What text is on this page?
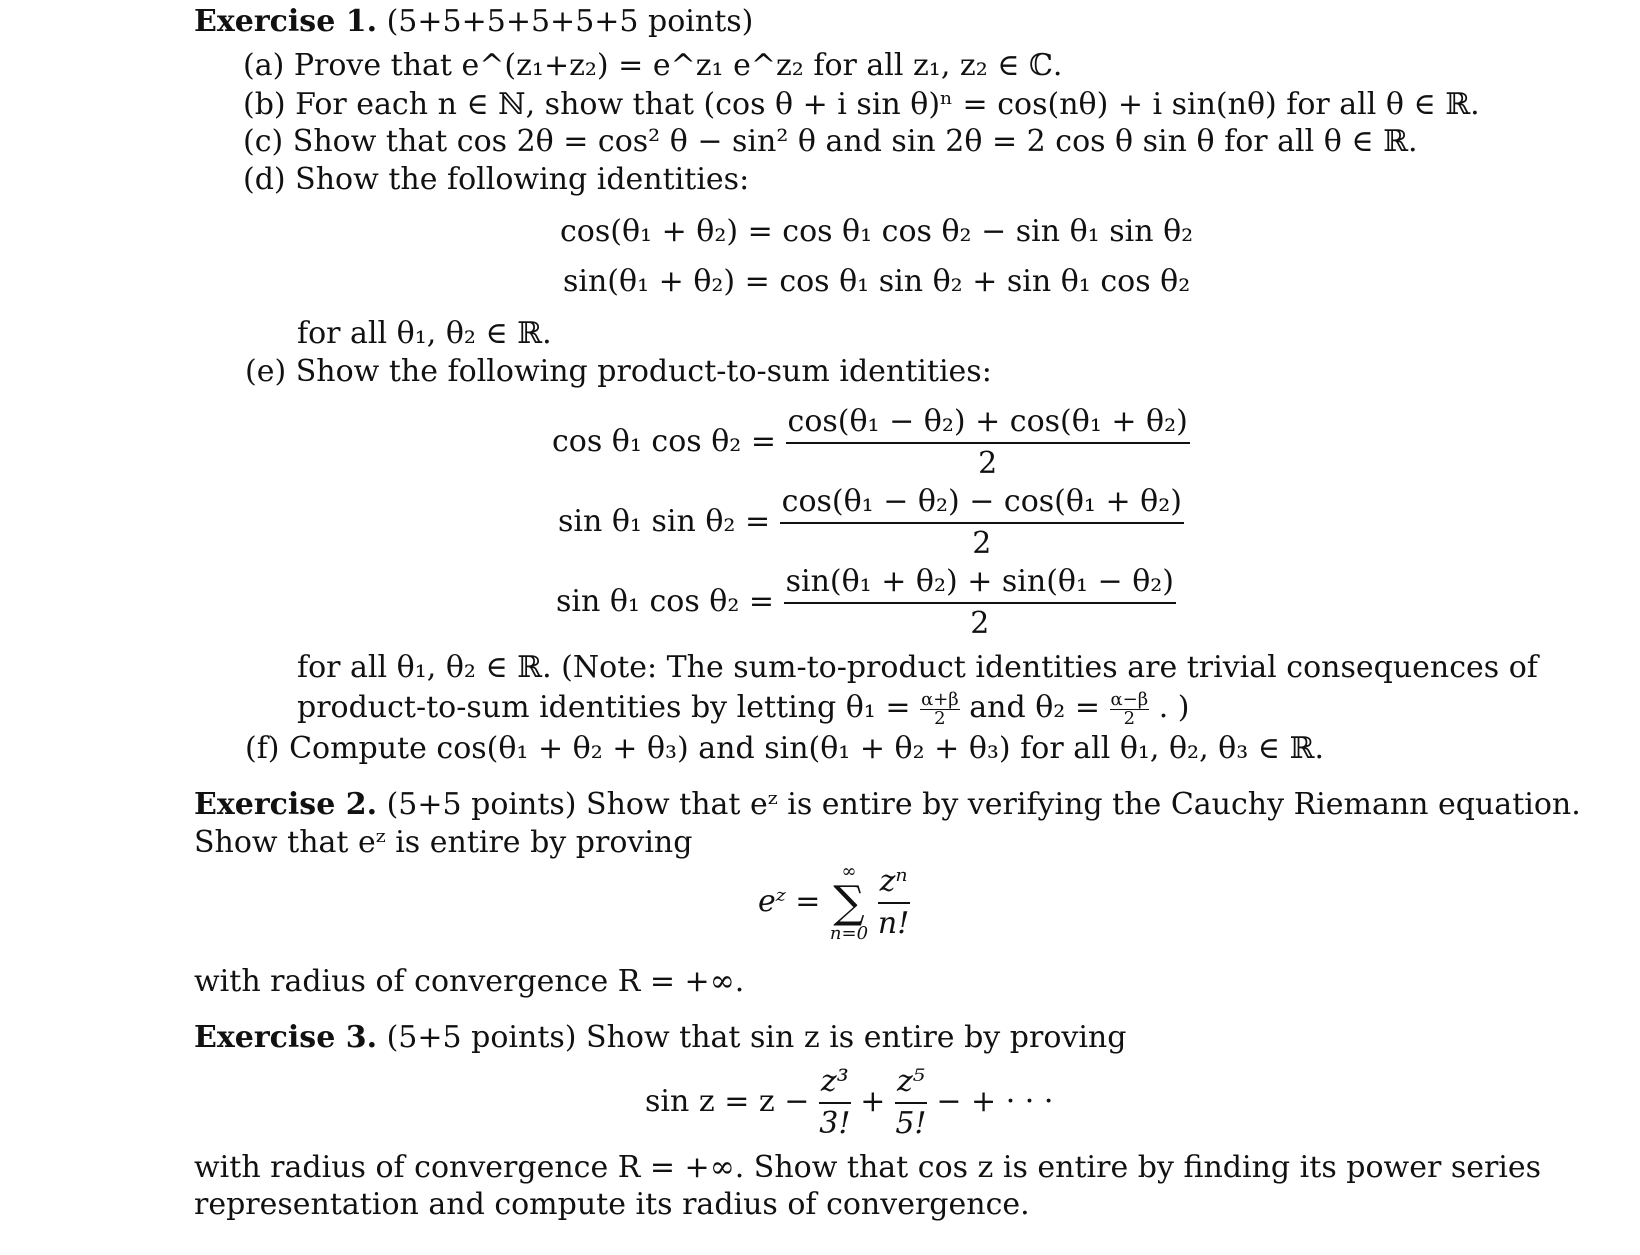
Exercise 1. (5+5+5+5+5+5 points)
(a) Prove that e^(z₁+z₂) = e^z₁ e^z₂ for all z₁, z₂ ∈ ℂ.
(b) For each n ∈ ℕ, show that (cos θ + i sin θ)ⁿ = cos(nθ) + i sin(nθ) for all θ ∈ ℝ.
(c) Show that cos 2θ = cos² θ − sin² θ and sin 2θ = 2 cos θ sin θ for all θ ∈ ℝ.
(d) Show the following identities:
cos(θ₁ + θ₂) = cos θ₁ cos θ₂ − sin θ₁ sin θ₂
sin(θ₁ + θ₂) = cos θ₁ sin θ₂ + sin θ₁ cos θ₂
for all θ₁, θ₂ ∈ ℝ.
(e) Show the following product-to-sum identities:
cos θ₁ $\cos \theta_2 = \frac{\text{cos(θ₁ − θ₂) + cos(θ₁ + θ₂)}}{2}$
sin θ₁ $\sin \theta_2 = \frac{\text{cos(θ₁ − θ₂) − cos(θ₁ + θ₂)}}{2}$
sin θ₁ $\cos \theta_2 = \frac{\text{sin(θ₁ + θ₂) + sin(θ₁ − θ₂)}}{2}$
for all θ₁, θ₂ ∈ ℝ. (Note: The sum-to-product identities are trivial consequences of
product-to-sum identities by letting $\theta_1 = \frac{\alpha+\beta}{2}$ and $\theta_2 = \frac{\alpha-\beta}{2}$ . )
(f) Compute cos(θ₁ + θ₂ + θ₃) and sin(θ₁ + θ₂ + θ₃) for all θ₁, θ₂, θ₃ ∈ ℝ.
Exercise 2. (5+5 points) Show that eᶻ is entire by verifying the Cauchy Riemann equation.
Show that eᶻ is entire by proving
eᶻ =
∞
∑
n=0
$\frac{\text{zⁿ}}{n!}$
with radius of convergence R = +∞.
Exercise 3. (5+5 points) Show that sin z is entire by proving
$\sin z = z - \frac{\text{z³}}{3!} + \frac{\text{z⁵}}{5!}$ − + · · ·
with radius of convergence R = +∞. Show that cos z is entire by finding its power series
representation and compute its radius of convergence.
